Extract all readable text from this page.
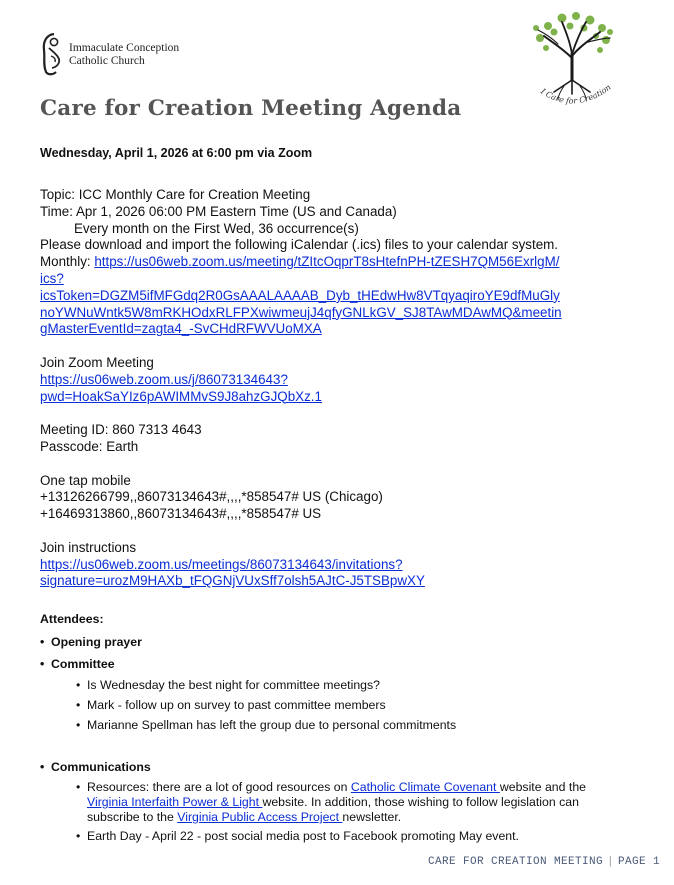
Immaculate Conception
Catholic Church
I Care for Creation
Care for Creation Meeting Agenda
Wednesday, April 1, 2026 at 6:00 pm via Zoom
Topic: ICC Monthly Care for Creation Meeting
Time: Apr 1, 2026 06:00 PM Eastern Time (US and Canada)
Every month on the First Wed, 36 occurrence(s)
Please download and import the following iCalendar (.ics) files to your calendar system.
Monthly: https://us06web.zoom.us/meeting/tZItcOqprT8sHtefnPH-tZESH7QM56ExrlgM/
ics?
icsToken=DGZM5ifMFGdq2R0GsAAALAAAAB_Dyb_tHEdwHw8VTqyaqiroYE9dfMuGly
noYWNuWntk5W8mRKHOdxRLFPXwiwmeujJ4qfyGNLkGV_SJ8TAwMDAwMQ&meetin
gMasterEventId=zagta4_-SvCHdRFWVUoMXA
Join Zoom Meeting
https://us06web.zoom.us/j/86073134643?
pwd=HoakSaYIz6pAWIMMvS9J8ahzGJQbXz.1
Meeting ID: 860 7313 4643
Passcode: Earth
One tap mobile
+13126266799,,86073134643#,,,,*858547# US (Chicago)
+16469313860,,86073134643#,,,,*858547# US
Join instructions
https://us06web.zoom.us/meetings/86073134643/invitations?
signature=urozM9HAXb_tFQGNjVUxSff7olsh5AJtC-J5TSBpwXY
Attendees:
• Opening prayer
• Committee
• Is Wednesday the best night for committee meetings?
• Mark - follow up on survey to past committee members
• Marianne Spellman has left the group due to personal commitments
• Communications
• Resources: there are a lot of good resources on Catholic Climate Covenant website and the Virginia Interfaith Power & Light website. In addition, those wishing to follow legislation can subscribe to the Virginia Public Access Project newsletter.
• Earth Day - April 22 - post social media post to Facebook promoting May event.
CARE FOR CREATION MEETING | PAGE 1
